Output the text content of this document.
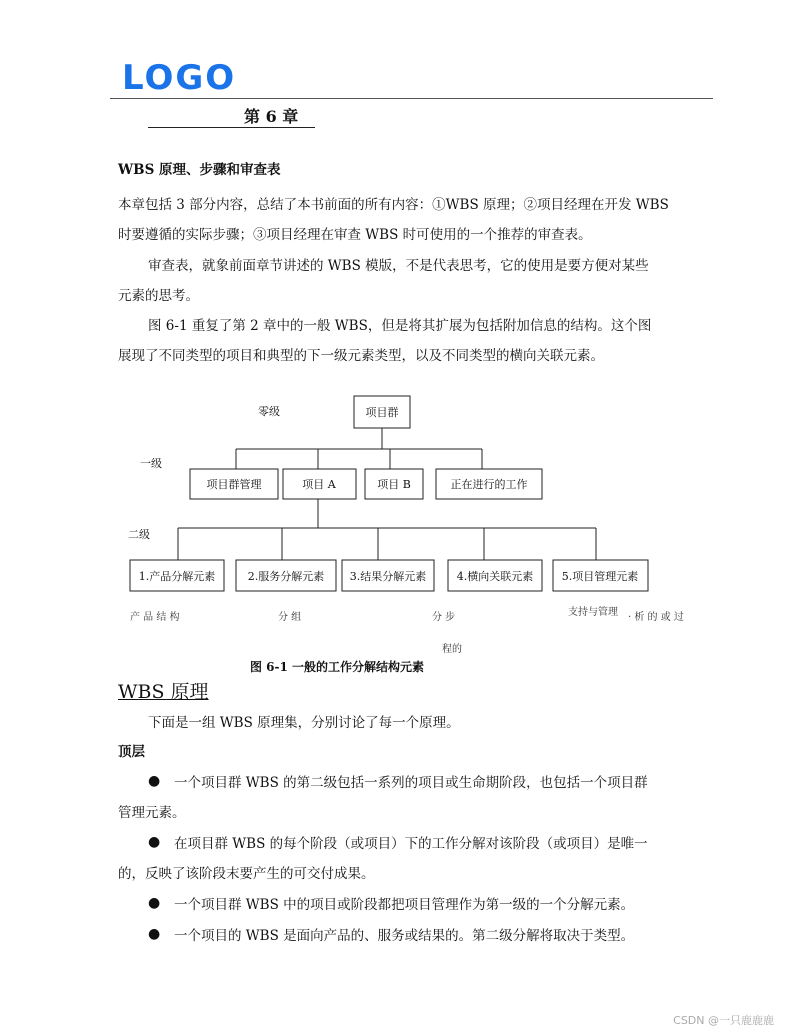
LOGO
第 6 章
WBS 原理、步骤和审查表
本章包括 3 部分内容，总结了本书前面的所有内容：①WBS 原理；②项目经理在开发 WBS
时要遵循的实际步骤；③项目经理在审查 WBS 时可使用的一个推荐的审查表。
审查表，就象前面章节讲述的 WBS 模版，不是代表思考，它的使用是要方便对某些
元素的思考。
图 6-1 重复了第 2 章中的一般 WBS，但是将其扩展为包括附加信息的结构。这个图
展现了不同类型的项目和典型的下一级元素类型，以及不同类型的横向关联元素。
零级
一级
二级
项目群
项目群管理	项目 A	项目 B	正在进行的工作
1.产品分解元素	2.服务分解元素 3.结果分解元素	4.横向关联元素	5.项目管理元素
产 品 结 构	分 组	分 步	支持与管理 · 析 的 或 过
程的
图 6-1 一般的工作分解结构元素
WBS 原理
下面是一组 WBS 原理集，分别讨论了每一个原理。
顶层
● 一个项目群 WBS 的第二级包括一系列的项目或生命期阶段，也包括一个项目群
管理元素。
● 在项目群 WBS 的每个阶段（或项目）下的工作分解对该阶段（或项目）是唯一
的，反映了该阶段末要产生的可交付成果。
● 一个项目群 WBS 中的项目或阶段都把项目管理作为第一级的一个分解元素。
● 一个项目的 WBS 是面向产品的、服务或结果的。第二级分解将取决于类型。
CSDN @一只鹿鹿鹿
